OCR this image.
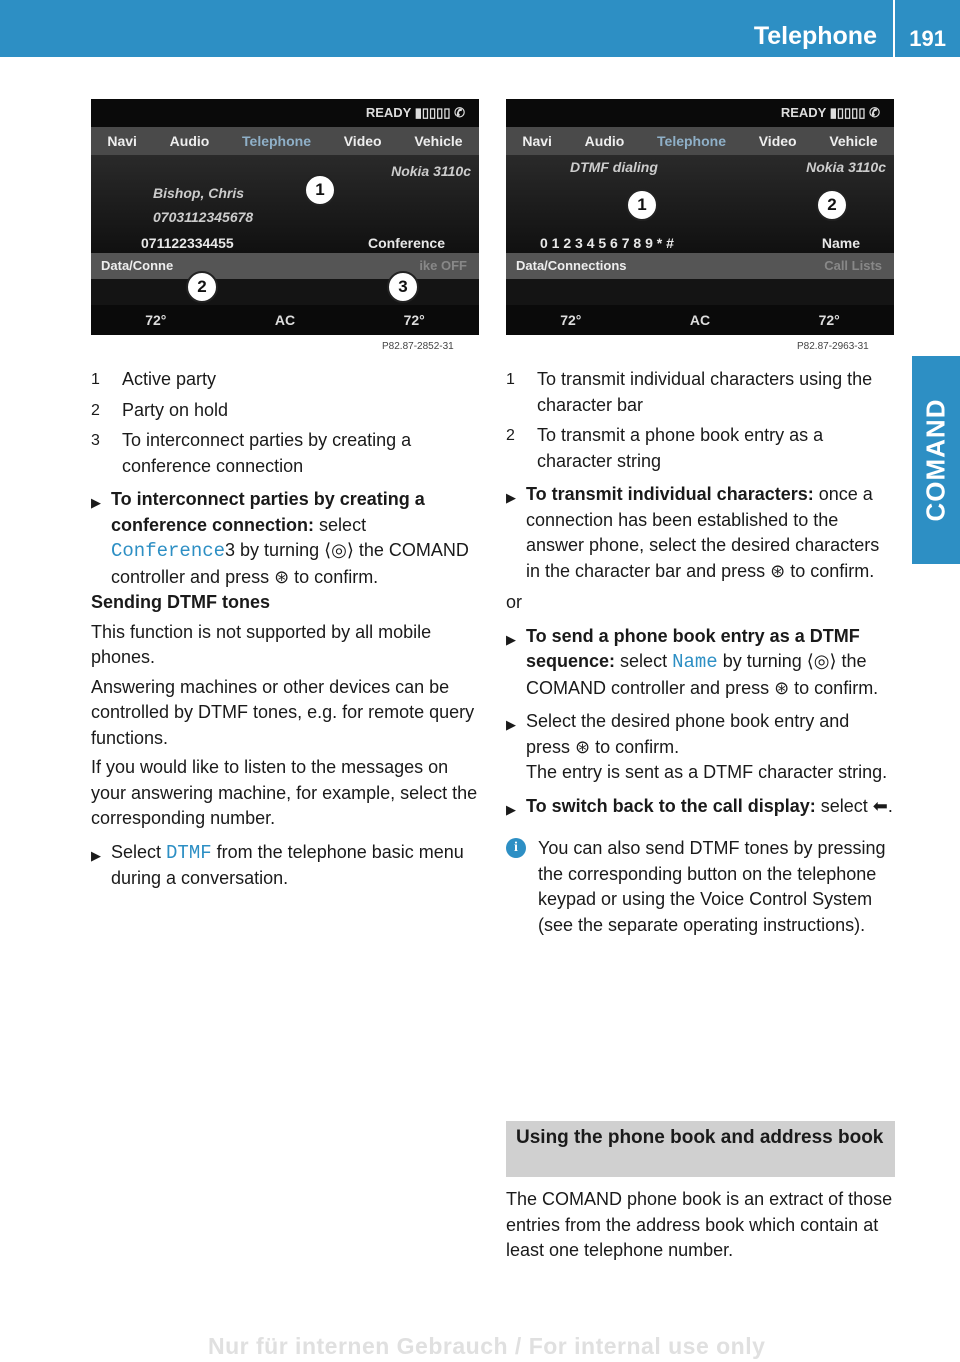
Telephone 191
COMAND
READY ▮▯▯▯▯ ✆
Navi Audio Telephone Video Vehicle
Nokia 3110c
Bishop, Chris
0703112345678
071122334455	Conference
Data/Conne	ike OFF
72°	AC	72°
1
2	3
P82.87-2852-31
READY ▮▯▯▯▯ ✆
Navi Audio Telephone Video Vehicle
DTMF dialing	Nokia 3110c
0 1 2 3 4 5 6 7 8 9 * #	Name
Data/Connections	Call Lists
72°	AC	72°
1	2
P82.87-2963-31
1	Active party
2	Party on hold
3	To interconnect parties by creating a conference connection
▶ To interconnect parties by creating a conference connection: select
Conference3 by turning ⟨◎⟩ the COMAND controller and press ⊛ to confirm.

Sending DTMF tones

This function is not supported by all mobile phones.

Answering machines or other devices can be controlled by DTMF tones, e.g. for remote query functions.

If you would like to listen to the messages on your answering machine, for example, select the corresponding number.

▶ Select DTMF from the telephone basic menu during a conversation.

1	To transmit individual characters using the character bar
2	To transmit a phone book entry as a character string
▶ To transmit individual characters: once a connection has been established to the answer phone, select the desired characters in the character bar and press ⊛ to confirm.

or

▶ To send a phone book entry as a DTMF sequence: select Name by turning ⟨◎⟩ the COMAND controller and press ⊛ to confirm.

▶ Select the desired phone book entry and press ⊛ to confirm.
The entry is sent as a DTMF character string.

▶ To switch back to the call display: select ⬅.

i	You can also send DTMF tones by pressing the corresponding button on the telephone keypad or using the Voice Control System (see the separate operating instructions).

Using the phone book and address book

The COMAND phone book is an extract of those entries from the address book which contain at least one telephone number.

Nur für internen Gebrauch / For internal use only
